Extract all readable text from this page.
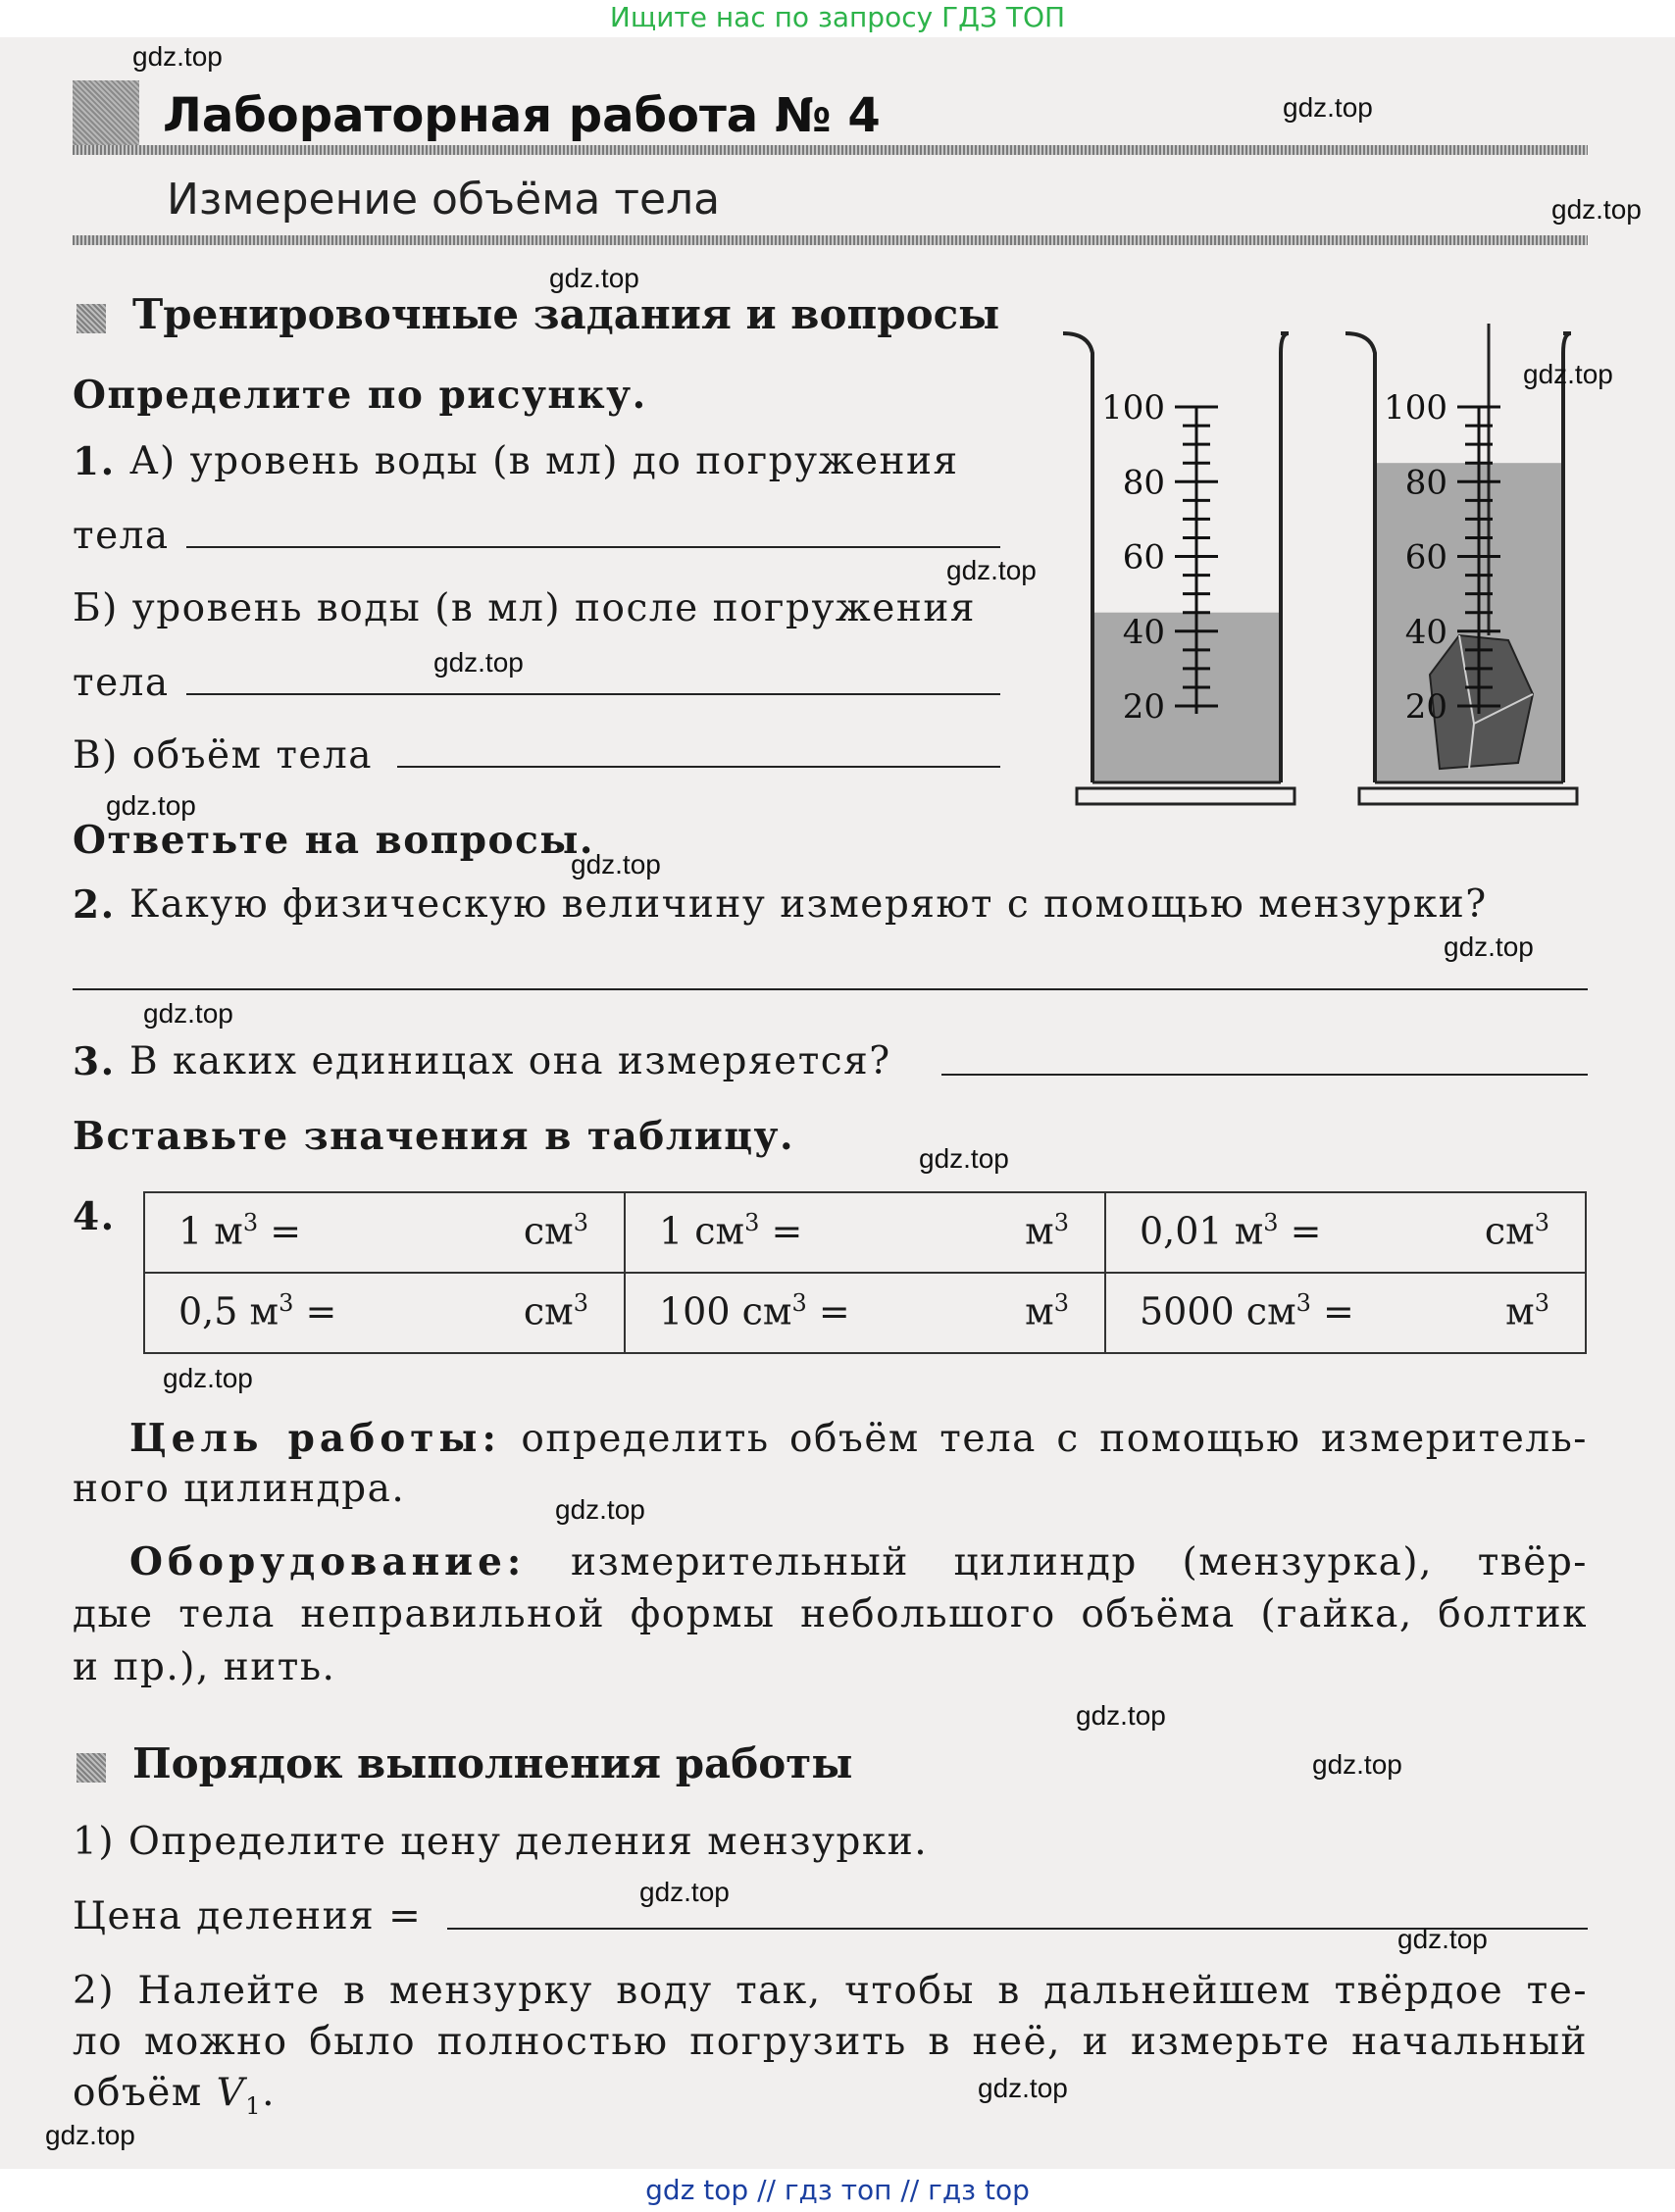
Ищите нас по запросу ГДЗ ТОП
Лабораторная работа № 4
Измерение объёма тела
Тренировочные задания и вопросы
Определите по рисунку.
1. А) уровень воды (в мл) до погружения
тела
Б) уровень воды (в мл) после погружения
тела
В) объём тела
Ответьте на вопросы.
2. Какую физическую величину измеряют с помощью мензурки?
3. В каких единицах она измеряется?
Вставьте значения в таблицу.
4.
100
80
60
40
20
100
80
60
40
20
1 $м^3 = см^3$	1 $см^3 = м^3$	0,01 $м^3 = см^3$

0,5 $м^3 = см^3$	100 $см^3 = м^3$	5000 $см^3 = м^3$
Цель работы: определить объём тела с помощью измеритель-
ного цилиндра.
Оборудование: измерительный цилиндр (мензурка), твёр-
дые тела неправильной формы небольшого объёма (гайка, болтик
и пр.), нить.
Порядок выполнения работы
1) Определите цену деления мензурки.
Цена деления =
2) Налейте в мензурку воду так, чтобы в дальнейшем твёрдое те-
ло можно было полностью погрузить в неё, и измерьте начальный
объём $V_1$.
gdz.top
gdz.top
gdz.top
gdz.top
gdz.top
gdz.top
gdz.top
gdz.top
gdz.top
gdz.top
gdz.top
gdz.top
gdz.top
gdz.top
gdz.top
gdz.top
gdz.top
gdz.top
gdz.top
gdz.top
gdz top // гдз топ // гдз top
